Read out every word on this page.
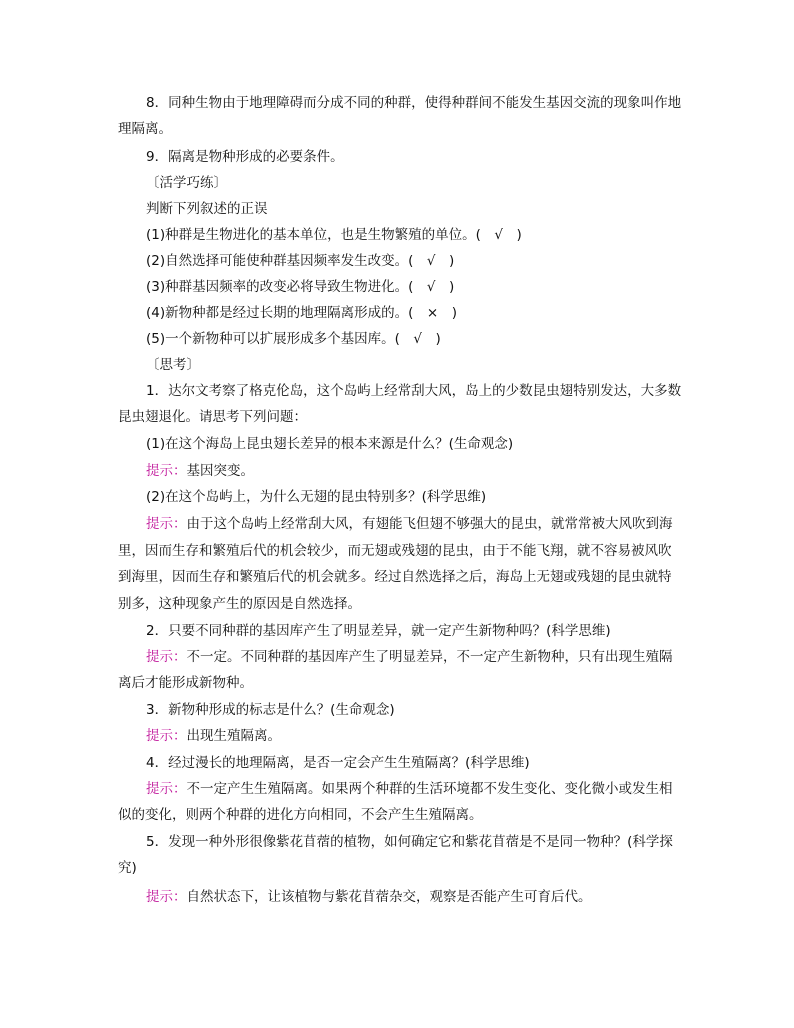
8．同种生物由于地理障碍而分成不同的种群，使得种群间不能发生基因交流的现象叫作地
理隔离。
9．隔离是物种形成的必要条件。
〔活学巧练〕
判断下列叙述的正误
(1)种群是生物进化的基本单位，也是生物繁殖的单位。(　√　)
(2)自然选择可能使种群基因频率发生改变。(　√　)
(3)种群基因频率的改变必将导致生物进化。(　√　)
(4)新物种都是经过长期的地理隔离形成的。(　×　)
(5)一个新物种可以扩展形成多个基因库。(　√　)
〔思考〕
1．达尔文考察了格克伦岛，这个岛屿上经常刮大风，岛上的少数昆虫翅特别发达，大多数
昆虫翅退化。请思考下列问题：
(1)在这个海岛上昆虫翅长差异的根本来源是什么？(生命观念)
提示：基因突变。
(2)在这个岛屿上，为什么无翅的昆虫特别多？(科学思维)
提示：由于这个岛屿上经常刮大风，有翅能飞但翅不够强大的昆虫，就常常被大风吹到海
里，因而生存和繁殖后代的机会较少，而无翅或残翅的昆虫，由于不能飞翔，就不容易被风吹
到海里，因而生存和繁殖后代的机会就多。经过自然选择之后，海岛上无翅或残翅的昆虫就特
别多，这种现象产生的原因是自然选择。
2．只要不同种群的基因库产生了明显差异，就一定产生新物种吗？(科学思维)
提示：不一定。不同种群的基因库产生了明显差异，不一定产生新物种，只有出现生殖隔
离后才能形成新物种。
3．新物种形成的标志是什么？(生命观念)
提示：出现生殖隔离。
4．经过漫长的地理隔离，是否一定会产生生殖隔离？(科学思维)
提示：不一定产生生殖隔离。如果两个种群的生活环境都不发生变化、变化微小或发生相
似的变化，则两个种群的进化方向相同，不会产生生殖隔离。
5．发现一种外形很像紫花苜蓿的植物，如何确定它和紫花苜蓿是不是同一物种？(科学探
究)
提示：自然状态下，让该植物与紫花苜蓿杂交，观察是否能产生可育后代。
